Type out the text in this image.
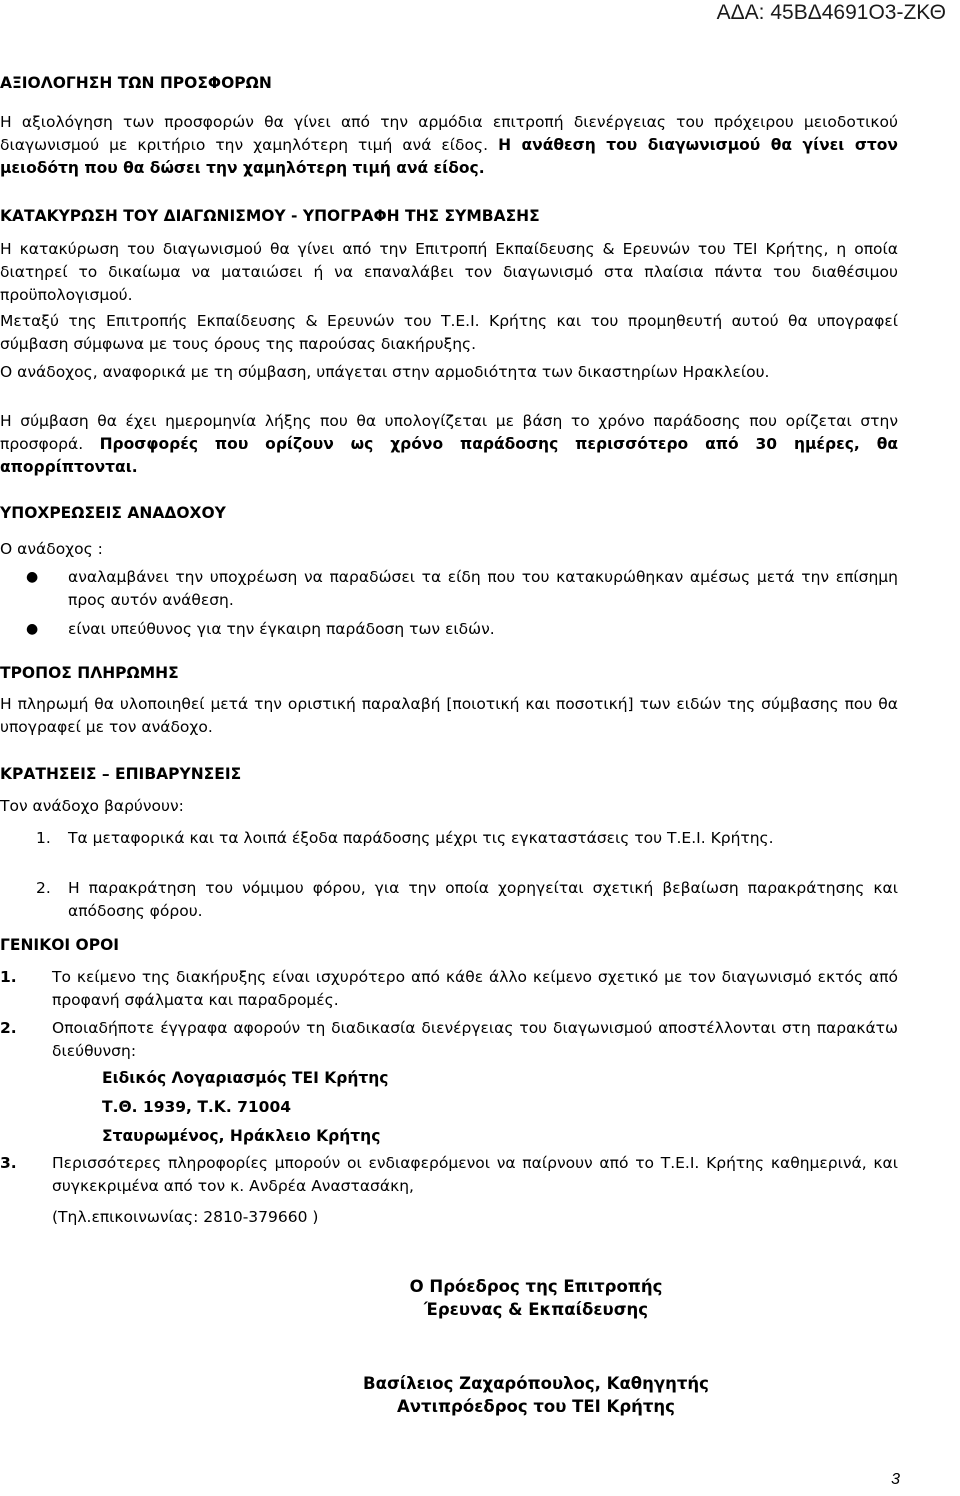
ΑΔΑ: 45ΒΔ4691Ο3-ΖΚΘ

ΑΞΙΟΛΟΓΗΣΗ ΤΩΝ ΠΡΟΣΦΟΡΩΝ

Η αξιολόγηση των προσφορών θα γίνει από την αρμόδια επιτροπή διενέργειας του πρόχειρου μειοδοτικού διαγωνισμού με κριτήριο την χαμηλότερη τιμή ανά είδος. Η ανάθεση του διαγωνισμού θα γίνει στον μειοδότη που θα δώσει την χαμηλότερη τιμή ανά είδος.

ΚΑΤΑΚΥΡΩΣΗ ΤΟΥ ΔΙΑΓΩΝΙΣΜΟΥ - ΥΠΟΓΡΑΦΗ ΤΗΣ ΣΥΜΒΑΣΗΣ

Η κατακύρωση του διαγωνισμού θα γίνει από την Επιτροπή Εκπαίδευσης & Ερευνών του ΤΕΙ Κρήτης, η οποία διατηρεί το δικαίωμα να ματαιώσει ή να επαναλάβει τον διαγωνισμό στα πλαίσια πάντα του διαθέσιμου προϋπολογισμού.

Μεταξύ της Επιτροπής Εκπαίδευσης & Ερευνών του Τ.Ε.Ι. Κρήτης και του προμηθευτή αυτού θα υπογραφεί σύμβαση σύμφωνα με τους όρους της παρούσας διακήρυξης.

Ο ανάδοχος, αναφορικά με τη σύμβαση, υπάγεται στην αρμοδιότητα των δικαστηρίων Ηρακλείου.

Η σύμβαση θα έχει ημερομηνία λήξης που θα υπολογίζεται με βάση το χρόνο παράδοσης που ορίζεται στην προσφορά. Προσφορές που ορίζουν ως χρόνο παράδοσης περισσότερο από 30 ημέρες, θα απορρίπτονται.

ΥΠΟΧΡΕΩΣΕΙΣ ΑΝΑΔΟΧΟΥ

Ο ανάδοχος :

● αναλαμβάνει την υποχρέωση να παραδώσει τα είδη που του κατακυρώθηκαν αμέσως μετά την επίσημη προς αυτόν ανάθεση.

● είναι υπεύθυνος για την έγκαιρη παράδοση των ειδών.

ΤΡΟΠΟΣ ΠΛΗΡΩΜΗΣ

Η πληρωμή θα υλοποιηθεί μετά την οριστική παραλαβή [ποιοτική και ποσοτική] των ειδών της σύμβασης που θα υπογραφεί με τον ανάδοχο.

ΚΡΑΤΗΣΕΙΣ – ΕΠΙΒΑΡΥΝΣΕΙΣ

Τον ανάδοχο βαρύνουν:

1. Τα μεταφορικά και τα λοιπά έξοδα παράδοσης μέχρι τις εγκαταστάσεις του Τ.Ε.Ι. Κρήτης.

2. Η παρακράτηση του νόμιμου φόρου, για την οποία χορηγείται σχετική βεβαίωση παρακράτησης και απόδοσης φόρου.

ΓΕΝΙΚΟΙ ΟΡΟΙ

1. Το κείμενο της διακήρυξης είναι ισχυρότερο από κάθε άλλο κείμενο σχετικό με τον διαγωνισμό εκτός από προφανή σφάλματα και παραδρομές.

2. Οποιαδήποτε έγγραφα αφορούν τη διαδικασία διενέργειας του διαγωνισμού αποστέλλονται στη παρακάτω διεύθυνση:

Ειδικός Λογαριασμός ΤΕΙ Κρήτης

Τ.Θ. 1939, Τ.Κ. 71004

Σταυρωμένος, Ηράκλειο Κρήτης

3. Περισσότερες πληροφορίες μπορούν οι ενδιαφερόμενοι να παίρνουν από το Τ.Ε.Ι. Κρήτης καθημερινά, και συγκεκριμένα από τον κ. Ανδρέα Αναστασάκη,

(Τηλ.επικοινωνίας: 2810-379660 )

Ο Πρόεδρος της Επιτροπής

Έρευνας & Εκπαίδευσης

Βασίλειος Ζαχαρόπουλος, Καθηγητής

Αντιπρόεδρος του ΤΕΙ Κρήτης

3
